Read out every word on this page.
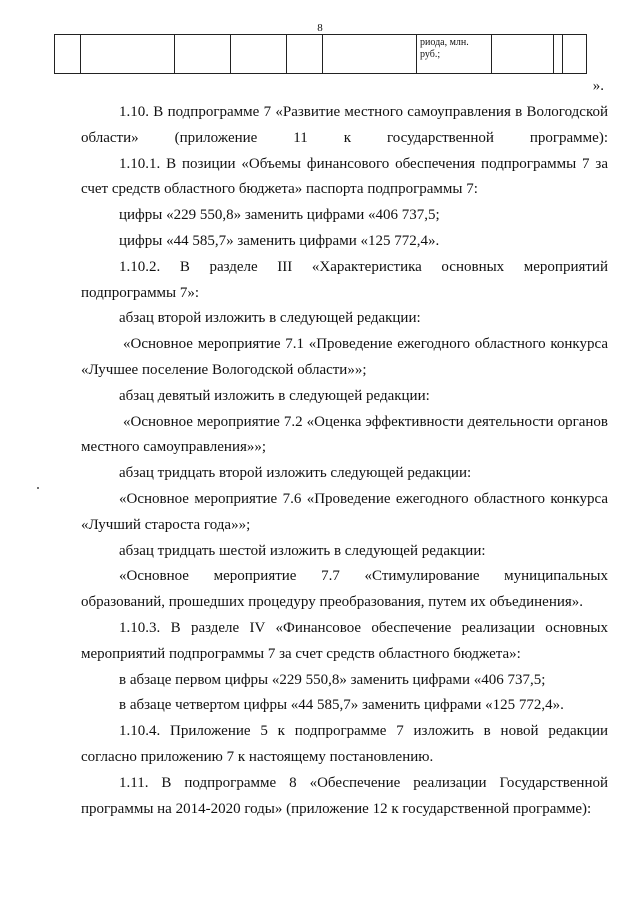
8
						риода, млн. руб.;			
».

1.10. В подпрограмме 7 «Развитие местного самоуправления в Вологодской области» (приложение 11 к государственной программе):

1.10.1. В позиции «Объемы финансового обеспечения подпрограммы 7 за счет средств областного бюджета» паспорта подпрограммы 7:

цифры «229 550,8» заменить цифрами «406 737,5;

цифры «44 585,7» заменить цифрами «125 772,4».

1.10.2. В разделе III «Характеристика основных мероприятий подпрограммы 7»:

абзац второй изложить в следующей редакции:

«Основное мероприятие 7.1 «Проведение ежегодного областного конкурса «Лучшее поселение Вологодской области»»;

абзац девятый изложить в следующей редакции:

«Основное мероприятие 7.2 «Оценка эффективности деятельности органов местного самоуправления»»;

абзац тридцать второй изложить следующей редакции:

«Основное мероприятие 7.6 «Проведение ежегодного областного конкурса «Лучший староста года»»;

абзац тридцать шестой изложить в следующей редакции:

«Основное мероприятие 7.7 «Стимулирование муниципальных образований, прошедших процедуру преобразования, путем их объединения».

1.10.3. В разделе IV «Финансовое обеспечение реализации основных мероприятий подпрограммы 7 за счет средств областного бюджета»:

в абзаце первом цифры «229 550,8» заменить цифрами «406 737,5;

в абзаце четвертом цифры «44 585,7» заменить цифрами «125 772,4».

1.10.4. Приложение 5 к подпрограмме 7 изложить в новой редакции согласно приложению 7 к настоящему постановлению.

1.11. В подпрограмме 8 «Обеспечение реализации Государственной программы на 2014-2020 годы» (приложение 12 к государственной программе):
